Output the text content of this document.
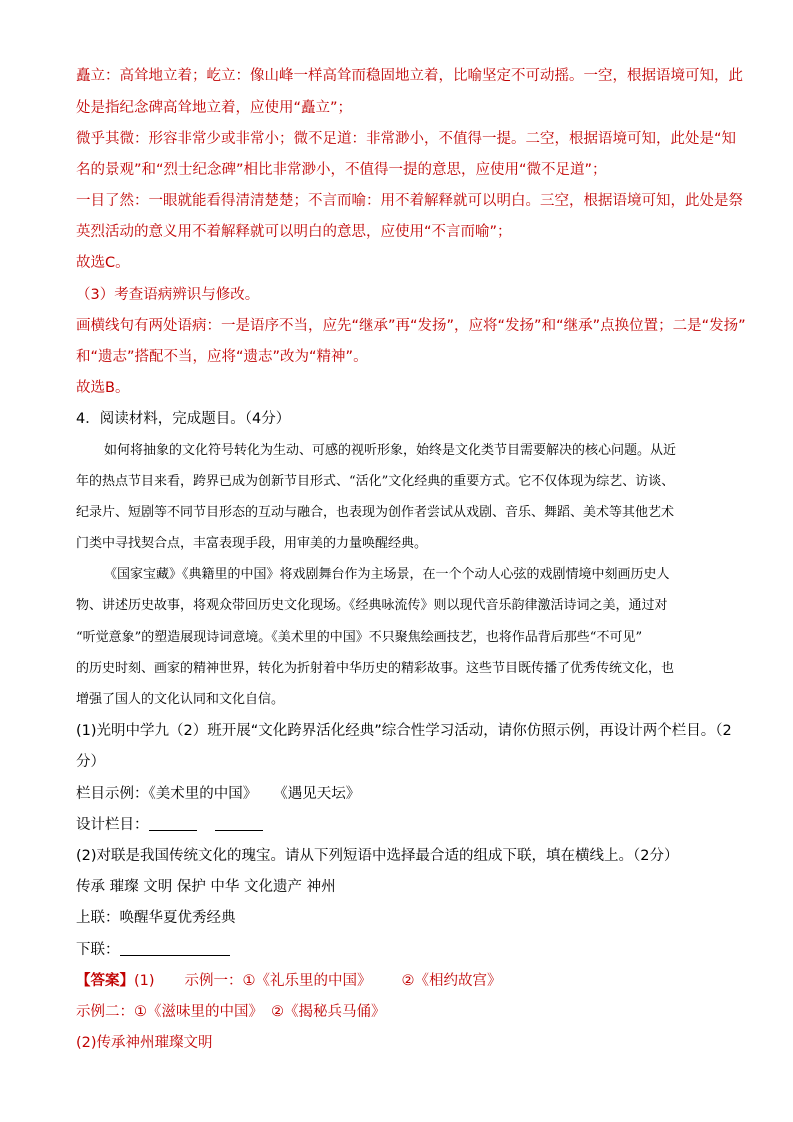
矗立：高耸地立着；屹立：像山峰一样高耸而稳固地立着，比喻坚定不可动摇。一空，根据语境可知，此
处是指纪念碑高耸地立着，应使用“矗立”；
微乎其微：形容非常少或非常小；微不足道：非常渺小，不值得一提。二空，根据语境可知，此处是“知
名的景观”和“烈士纪念碑”相比非常渺小，不值得一提的意思，应使用“微不足道”；
一目了然：一眼就能看得清清楚楚；不言而喻：用不着解释就可以明白。三空，根据语境可知，此处是祭
英烈活动的意义用不着解释就可以明白的意思，应使用“不言而喻”；
故选C。
（3）考查语病辨识与修改。
画横线句有两处语病：一是语序不当，应先“继承”再“发扬”，应将“发扬”和“继承”点换位置；二是“发扬”
和“遗志”搭配不当，应将“遗志”改为“精神”。
故选B。
4．阅读材料，完成题目。（4分）
如何将抽象的文化符号转化为生动、可感的视听形象，始终是文化类节目需要解决的核心问题。从近
年的热点节目来看，跨界已成为创新节目形式、“活化”文化经典的重要方式。它不仅体现为综艺、访谈、
纪录片、短剧等不同节目形态的互动与融合，也表现为创作者尝试从戏剧、音乐、舞蹈、美术等其他艺术
门类中寻找契合点，丰富表现手段，用审美的力量唤醒经典。
《国家宝藏》《典籍里的中国》将戏剧舞台作为主场景，在一个个动人心弦的戏剧情境中刻画历史人
物、讲述历史故事，将观众带回历史文化现场。《经典咏流传》则以现代音乐韵律激活诗词之美，通过对
“听觉意象”的塑造展现诗词意境。《美术里的中国》不只聚焦绘画技艺，也将作品背后那些“不可见”
的历史时刻、画家的精神世界，转化为折射着中华历史的精彩故事。这些节目既传播了优秀传统文化，也
增强了国人的文化认同和文化自信。
(1)光明中学九（2）班开展“文化跨界活化经典”综合性学习活动，请你仿照示例，再设计两个栏目。（2
分）
栏目示例：《美术里的中国》 《遇见天坛》
设计栏目：
(2)对联是我国传统文化的瑰宝。请从下列短语中选择最合适的组成下联，填在横线上。（2分）
传承 璀璨 文明 保护 中华 文化遗产 神州
上联：唤醒华夏优秀经典
下联：
【答案】(1) 示例一：①《礼乐里的中国》 ②《相约故宫》
示例二：①《滋味里的中国》 ②《揭秘兵马俑》
(2)传承神州璀璨文明
